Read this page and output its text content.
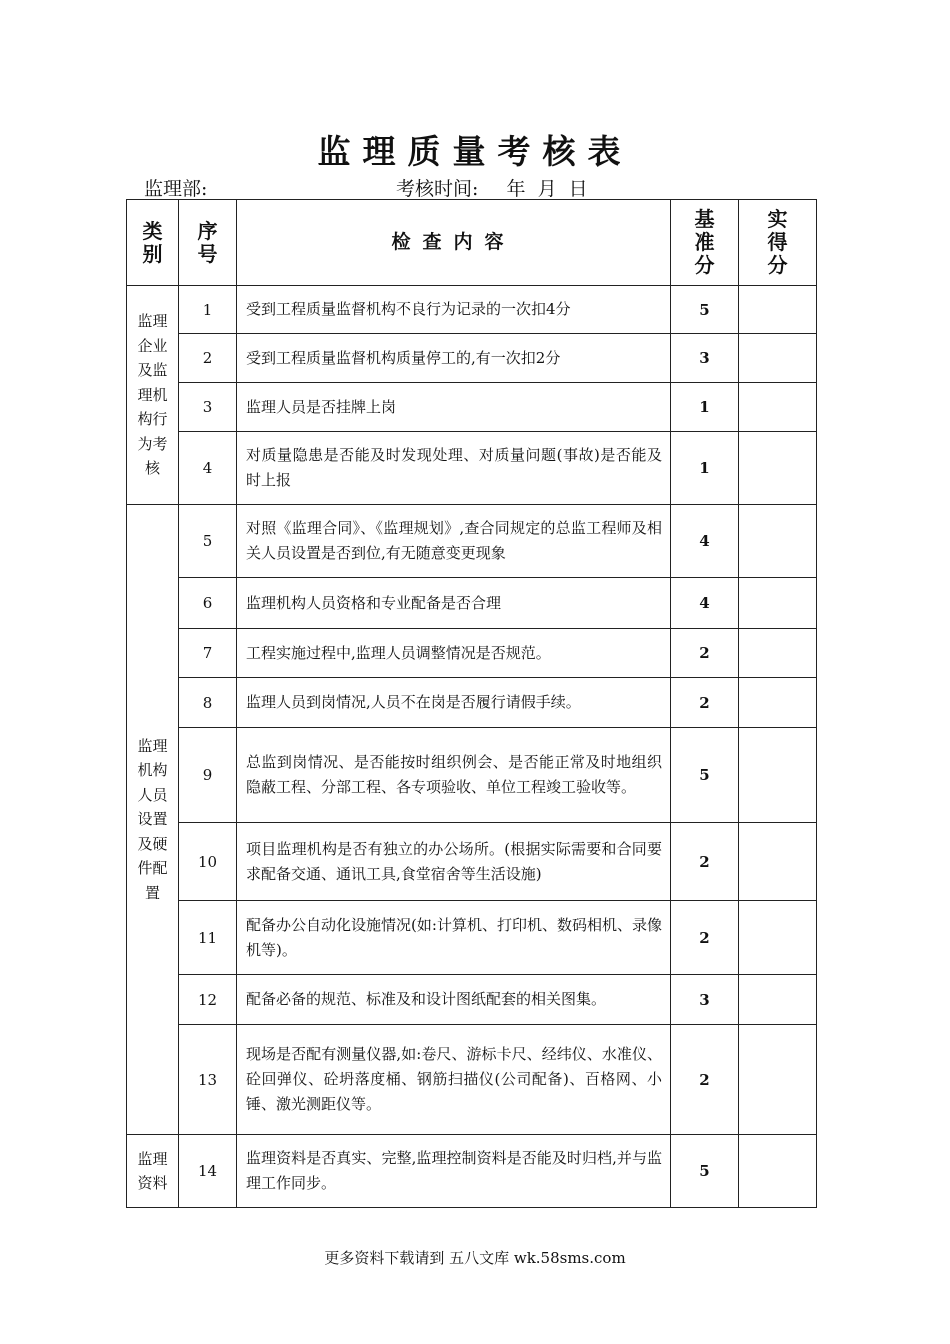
监理质量考核表
监理部:	考核时间: 年 月 日
类别	序号	检查内容	基准分	实得分
监理企业及监理机构行为考核	1	受到工程质量监督机构不良行为记录的一次扣4分	5	
	2	受到工程质量监督机构质量停工的,有一次扣2分	3	
	3	监理人员是否挂牌上岗	1	
	4	对质量隐患是否能及时发现处理、对质量问题(事故)是否能及时上报	1	
监理机构人员设置及硬件配置	5	对照《监理合同》、《监理规划》,查合同规定的总监工程师及相关人员设置是否到位,有无随意变更现象	4	
	6	监理机构人员资格和专业配备是否合理	4	
	7	工程实施过程中,监理人员调整情况是否规范。	2	
	8	监理人员到岗情况,人员不在岗是否履行请假手续。	2	
	9	总监到岗情况、是否能按时组织例会、是否能正常及时地组织隐蔽工程、分部工程、各专项验收、单位工程竣工验收等。	5	
	10	项目监理机构是否有独立的办公场所。(根据实际需要和合同要求配备交通、通讯工具,食堂宿舍等生活设施)	2	
	11	配备办公自动化设施情况(如:计算机、打印机、数码相机、录像机等)。	2	
	12	配备必备的规范、标准及和设计图纸配套的相关图集。	3	
	13	现场是否配有测量仪器,如:卷尺、游标卡尺、经纬仪、水准仪、砼回弹仪、砼坍落度桶、钢筋扫描仪(公司配备)、百格网、小锤、激光测距仪等。	2	
监理资料	14	监理资料是否真实、完整,监理控制资料是否能及时归档,并与监理工作同步。	5	
更多资料下载请到 五八文库 wk.58sms.com
